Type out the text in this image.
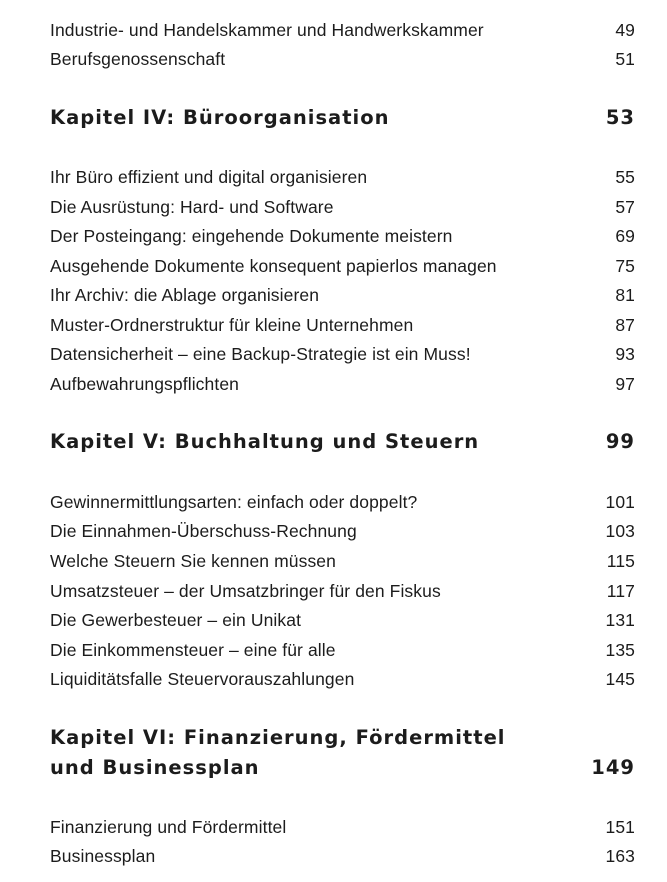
Industrie- und Handelskammer und Handwerkskammer	49
Berufsgenossenschaft	51
Kapitel IV: Büroorganisation	53
Ihr Büro effizient und digital organisieren	55
Die Ausrüstung: Hard- und Software	57
Der Posteingang: eingehende Dokumente meistern	69
Ausgehende Dokumente konsequent papierlos managen	75
Ihr Archiv: die Ablage organisieren	81
Muster-Ordnerstruktur für kleine Unternehmen	87
Datensicherheit – eine Backup-Strategie ist ein Muss!	93
Aufbewahrungspflichten	97
Kapitel V: Buchhaltung und Steuern	99
Gewinnermittlungsarten: einfach oder doppelt?	101
Die Einnahmen-Überschuss-Rechnung	103
Welche Steuern Sie kennen müssen	115
Umsatzsteuer – der Umsatzbringer für den Fiskus	117
Die Gewerbesteuer – ein Unikat	131
Die Einkommensteuer – eine für alle	135
Liquiditätsfalle Steuervorauszahlungen	145
Kapitel VI: Finanzierung, Fördermittel
und Businessplan	149
Finanzierung und Fördermittel	151
Businessplan	163
